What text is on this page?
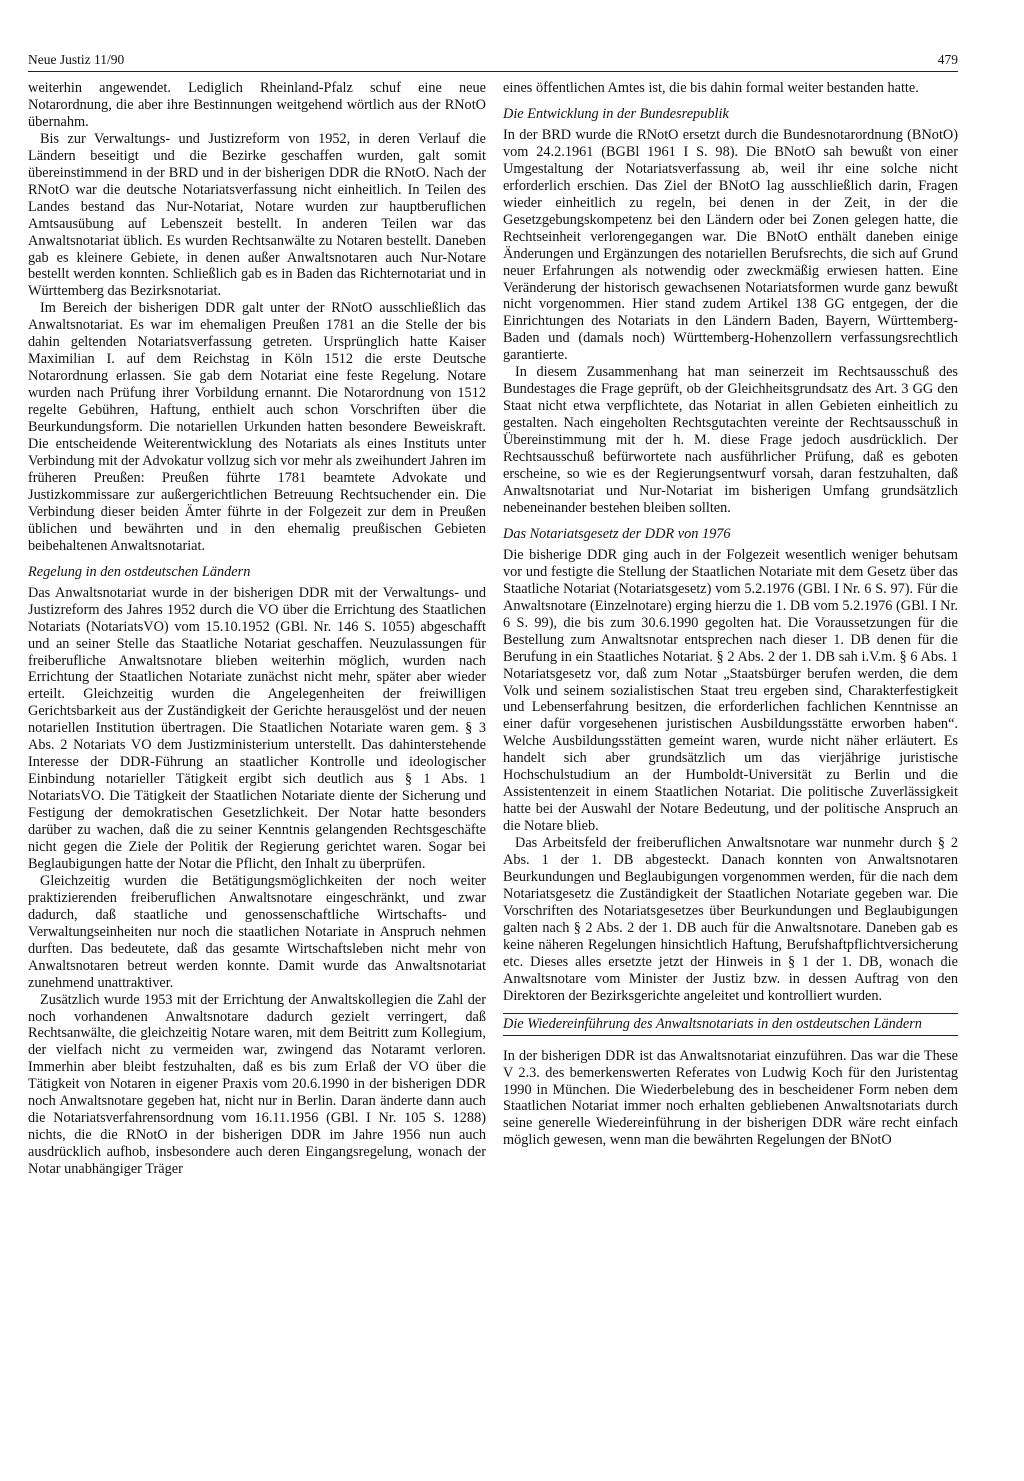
Neue Justiz 11/90	479

weiterhin angewendet. Lediglich Rheinland-Pfalz schuf eine neue Notarordnung, die aber ihre Bestinnungen weitgehend wörtlich aus der RNotO übernahm.

Bis zur Verwaltungs- und Justizreform von 1952, in deren Verlauf die Ländern beseitigt und die Bezirke geschaffen wurden, galt somit übereinstimmend in der BRD und in der bisherigen DDR die RNotO. Nach der RNotO war die deutsche Notariatsverfassung nicht einheitlich. In Teilen des Landes bestand das Nur-Notariat, Notare wurden zur hauptberuflichen Amtsausübung auf Lebenszeit bestellt. In anderen Teilen war das Anwaltsnotariat üblich. Es wurden Rechtsanwälte zu Notaren bestellt. Daneben gab es kleinere Gebiete, in denen außer Anwaltsnotaren auch Nur-Notare bestellt werden konnten. Schließlich gab es in Baden das Richternotariat und in Württemberg das Bezirksnotariat.

Im Bereich der bisherigen DDR galt unter der RNotO ausschließlich das Anwaltsnotariat. Es war im ehemaligen Preußen 1781 an die Stelle der bis dahin geltenden Notariatsverfassung getreten. Ursprünglich hatte Kaiser Maximilian I. auf dem Reichstag in Köln 1512 die erste Deutsche Notarordnung erlassen. Sie gab dem Notariat eine feste Regelung. Notare wurden nach Prüfung ihrer Vorbildung ernannt. Die Notarordnung von 1512 regelte Gebühren, Haftung, enthielt auch schon Vorschriften über die Beurkundungsform. Die notariellen Urkunden hatten besondere Beweiskraft. Die entscheidende Weiterentwicklung des Notariats als eines Instituts unter Verbindung mit der Advokatur vollzug sich vor mehr als zweihundert Jahren im früheren Preußen: Preußen führte 1781 beamtete Advokate und Justizkommissare zur außergerichtlichen Betreuung Rechtsuchender ein. Die Verbindung dieser beiden Ämter führte in der Folgezeit zur dem in Preußen üblichen und bewährten und in den ehemalig preußischen Gebieten beibehaltenen Anwaltsnotariat.

Regelung in den ostdeutschen Ländern

Das Anwaltsnotariat wurde in der bisherigen DDR mit der Verwaltungs- und Justizreform des Jahres 1952 durch die VO über die Errichtung des Staatlichen Notariats (NotariatsVO) vom 15.10.1952 (GBl. Nr. 146 S. 1055) abgeschafft und an seiner Stelle das Staatliche Notariat geschaffen. Neuzulassungen für freiberufliche Anwaltsnotare blieben weiterhin möglich, wurden nach Errichtung der Staatlichen Notariate zunächst nicht mehr, später aber wieder erteilt. Gleichzeitig wurden die Angelegenheiten der freiwilligen Gerichtsbarkeit aus der Zuständigkeit der Gerichte herausgelöst und der neuen notariellen Institution übertragen. Die Staatlichen Notariate waren gem. § 3 Abs. 2 Notariats VO dem Justizministerium unterstellt. Das dahinterstehende Interesse der DDR-Führung an staatlicher Kontrolle und ideologischer Einbindung notarieller Tätigkeit ergibt sich deutlich aus § 1 Abs. 1 NotariatsVO. Die Tätigkeit der Staatlichen Notariate diente der Sicherung und Festigung der demokratischen Gesetzlichkeit. Der Notar hatte besonders darüber zu wachen, daß die zu seiner Kenntnis gelangenden Rechtsgeschäfte nicht gegen die Ziele der Politik der Regierung gerichtet waren. Sogar bei Beglaubigungen hatte der Notar die Pflicht, den Inhalt zu überprüfen.

Gleichzeitig wurden die Betätigungsmöglichkeiten der noch weiter praktizierenden freiberuflichen Anwaltsnotare eingeschränkt, und zwar dadurch, daß staatliche und genossenschaftliche Wirtschafts- und Verwaltungseinheiten nur noch die staatlichen Notariate in Anspruch nehmen durften. Das bedeutete, daß das gesamte Wirtschaftsleben nicht mehr von Anwaltsnotaren betreut werden konnte. Damit wurde das Anwaltsnotariat zunehmend unattraktiver.

Zusätzlich wurde 1953 mit der Errichtung der Anwaltskollegien die Zahl der noch vorhandenen Anwaltsnotare dadurch gezielt verringert, daß Rechtsanwälte, die gleichzeitig Notare waren, mit dem Beitritt zum Kollegium, der vielfach nicht zu vermeiden war, zwingend das Notaramt verloren. Immerhin aber bleibt festzuhalten, daß es bis zum Erlaß der VO über die Tätigkeit von Notaren in eigener Praxis vom 20.6.1990 in der bisherigen DDR noch Anwaltsnotare gegeben hat, nicht nur in Berlin. Daran änderte dann auch die Notariatsverfahrensordnung vom 16.11.1956 (GBl. I Nr. 105 S. 1288) nichts, die die RNotO in der bisherigen DDR im Jahre 1956 nun auch ausdrücklich aufhob, insbesondere auch deren Eingangsregelung, wonach der Notar unabhängiger Träger

eines öffentlichen Amtes ist, die bis dahin formal weiter bestanden hatte.

Die Entwicklung in der Bundesrepublik

In der BRD wurde die RNotO ersetzt durch die Bundesnotarordnung (BNotO) vom 24.2.1961 (BGBl 1961 I S. 98). Die BNotO sah bewußt von einer Umgestaltung der Notariatsverfassung ab, weil ihr eine solche nicht erforderlich erschien. Das Ziel der BNotO lag ausschließlich darin, Fragen wieder einheitlich zu regeln, bei denen in der Zeit, in der die Gesetzgebungskompetenz bei den Ländern oder bei Zonen gelegen hatte, die Rechtseinheit verlorengegangen war. Die BNotO enthält daneben einige Änderungen und Ergänzungen des notariellen Berufsrechts, die sich auf Grund neuer Erfahrungen als notwendig oder zweckmäßig erwiesen hatten. Eine Veränderung der historisch gewachsenen Notariatsformen wurde ganz bewußt nicht vorgenommen. Hier stand zudem Artikel 138 GG entgegen, der die Einrichtungen des Notariats in den Ländern Baden, Bayern, Württemberg-Baden und (damals noch) Württemberg-Hohenzollern verfassungsrechtlich garantierte.

In diesem Zusammenhang hat man seinerzeit im Rechtsausschuß des Bundestages die Frage geprüft, ob der Gleichheitsgrundsatz des Art. 3 GG den Staat nicht etwa verpflichtete, das Notariat in allen Gebieten einheitlich zu gestalten. Nach eingeholten Rechtsgutachten vereinte der Rechtsausschuß in Übereinstimmung mit der h. M. diese Frage jedoch ausdrücklich. Der Rechtsausschuß befürwortete nach ausführlicher Prüfung, daß es geboten erscheine, so wie es der Regierungsentwurf vorsah, daran festzuhalten, daß Anwaltsnotariat und Nur-Notariat im bisherigen Umfang grundsätzlich nebeneinander bestehen bleiben sollten.

Das Notariatsgesetz der DDR von 1976

Die bisherige DDR ging auch in der Folgezeit wesentlich weniger behutsam vor und festigte die Stellung der Staatlichen Notariate mit dem Gesetz über das Staatliche Notariat (Notariatsgesetz) vom 5.2.1976 (GBl. I Nr. 6 S. 97). Für die Anwaltsnotare (Einzelnotare) erging hierzu die 1. DB vom 5.2.1976 (GBl. I Nr. 6 S. 99), die bis zum 30.6.1990 gegolten hat. Die Voraussetzungen für die Bestellung zum Anwaltsnotar entsprechen nach dieser 1. DB denen für die Berufung in ein Staatliches Notariat. § 2 Abs. 2 der 1. DB sah i.V.m. § 6 Abs. 1 Notariatsgesetz vor, daß zum Notar „Staatsbürger berufen werden, die dem Volk und seinem sozialistischen Staat treu ergeben sind, Charakterfestigkeit und Lebenserfahrung besitzen, die erforderlichen fachlichen Kenntnisse an einer dafür vorgesehenen juristischen Ausbildungsstätte erworben haben“. Welche Ausbildungsstätten gemeint waren, wurde nicht näher erläutert. Es handelt sich aber grundsätzlich um das vierjährige juristische Hochschulstudium an der Humboldt-Universität zu Berlin und die Assistentenzeit in einem Staatlichen Notariat. Die politische Zuverlässigkeit hatte bei der Auswahl der Notare Bedeutung, und der politische Anspruch an die Notare blieb.

Das Arbeitsfeld der freiberuflichen Anwaltsnotare war nunmehr durch § 2 Abs. 1 der 1. DB abgesteckt. Danach konnten von Anwaltsnotaren Beurkundungen und Beglaubigungen vorgenommen werden, für die nach dem Notariatsgesetz die Zuständigkeit der Staatlichen Notariate gegeben war. Die Vorschriften des Notariatsgesetzes über Beurkundungen und Beglaubigungen galten nach § 2 Abs. 2 der 1. DB auch für die Anwaltsnotare. Daneben gab es keine näheren Regelungen hinsichtlich Haftung, Berufshaftpflichtversicherung etc. Dieses alles ersetzte jetzt der Hinweis in § 1 der 1. DB, wonach die Anwaltsnotare vom Minister der Justiz bzw. in dessen Auftrag von den Direktoren der Bezirksgerichte angeleitet und kontrolliert wurden.

Die Wiedereinführung des Anwaltsnotariats in den ostdeutschen Ländern

In der bisherigen DDR ist das Anwaltsnotariat einzuführen. Das war die These V 2.3. des bemerkenswerten Referates von Ludwig Koch für den Juristentag 1990 in München. Die Wiederbelebung des in bescheidener Form neben dem Staatlichen Notariat immer noch erhalten gebliebenen Anwaltsnotariats durch seine generelle Wiedereinführung in der bisherigen DDR wäre recht einfach möglich gewesen, wenn man die bewährten Regelungen der BNotO
